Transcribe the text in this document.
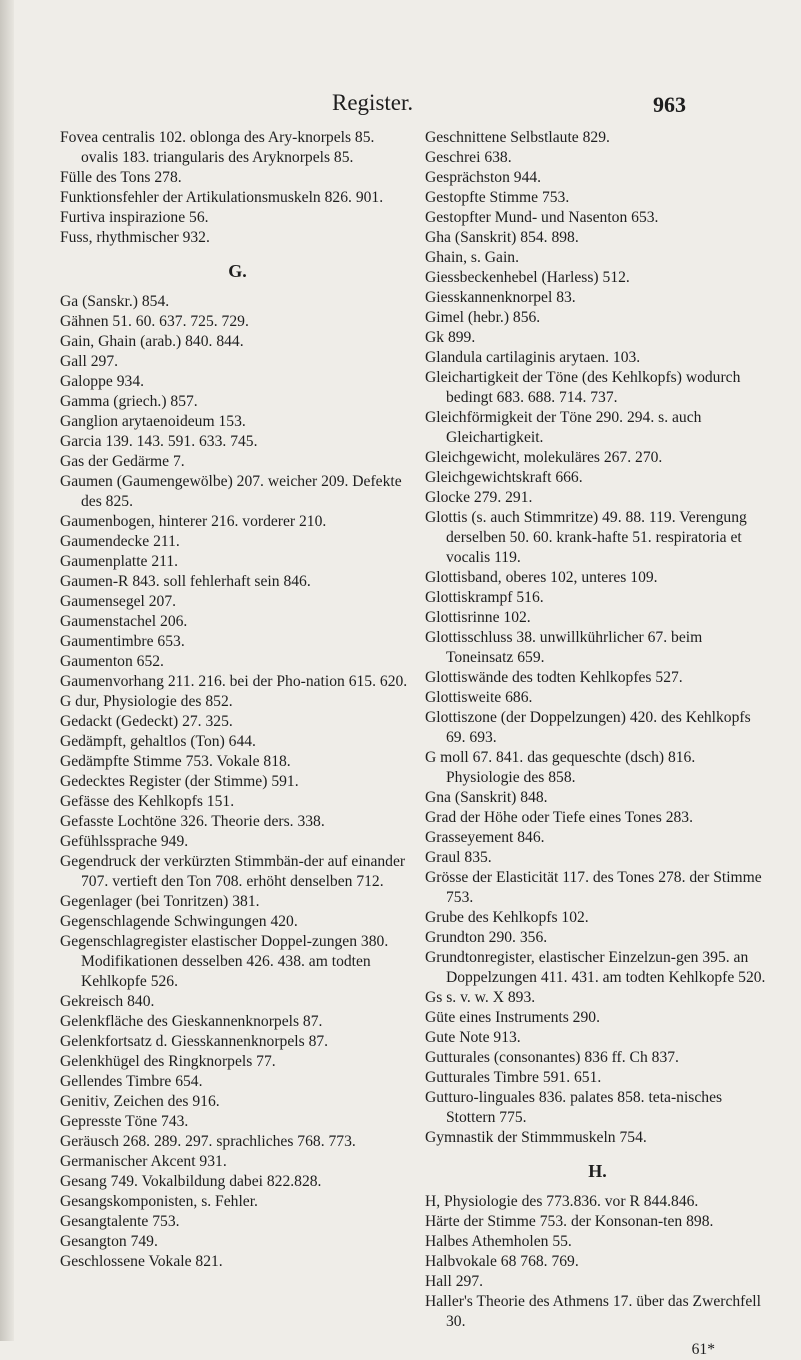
Register.	963
Fovea centralis 102. oblonga des Ary-knorpels 85. ovalis 183. triangularis des Aryknorpels 85.
Fülle des Tons 278.
Funktionsfehler der Artikulationsmuskeln 826. 901.
Furtiva inspirazione 56.
Fuss, rhythmischer 932.
G.
Ga (Sanskr.) 854.
Gähnen 51. 60. 637. 725. 729.
Gain, Ghain (arab.) 840. 844.
Gall 297.
Galoppe 934.
Gamma (griech.) 857.
Ganglion arytaenoideum 153.
Garcia 139. 143. 591. 633. 745.
Gas der Gedärme 7.
Gaumen (Gaumengewölbe) 207. weicher 209. Defekte des 825.
Gaumenbogen, hinterer 216. vorderer 210.
Gaumendecke 211.
Gaumenplatte 211.
Gaumen-R 843. soll fehlerhaft sein 846.
Gaumensegel 207.
Gaumenstachel 206.
Gaumentimbre 653.
Gaumenton 652.
Gaumenvorhang 211. 216. bei der Pho-nation 615. 620.
G dur, Physiologie des 852.
Gedackt (Gedeckt) 27. 325.
Gedämpft, gehaltlos (Ton) 644.
Gedämpfte Stimme 753. Vokale 818.
Gedecktes Register (der Stimme) 591.
Gefässe des Kehlkopfs 151.
Gefasste Lochtöne 326. Theorie ders. 338.
Gefühlssprache 949.
Gegendruck der verkürzten Stimmbän-der auf einander 707. vertieft den Ton 708. erhöht denselben 712.
Gegenlager (bei Tonritzen) 381.
Gegenschlagende Schwingungen 420.
Gegenschlagregister elastischer Doppel-zungen 380. Modifikationen desselben 426. 438. am todten Kehlkopfe 526.
Gekreisch 840.
Gelenkfläche des Gieskannenknorpels 87.
Gelenkfortsatz d. Giesskannenknorpels 87.
Gelenkhügel des Ringknorpels 77.
Gellendes Timbre 654.
Genitiv, Zeichen des 916.
Gepresste Töne 743.
Geräusch 268. 289. 297. sprachliches 768. 773.
Germanischer Akcent 931.
Gesang 749. Vokalbildung dabei 822.828.
Gesangskomponisten, s. Fehler.
Gesangtalente 753.
Gesangton 749.
Geschlossene Vokale 821.
Geschnittene Selbstlaute 829.
Geschrei 638.
Gesprächston 944.
Gestopfte Stimme 753.
Gestopfter Mund- und Nasenton 653.
Gha (Sanskrit) 854. 898.
Ghain, s. Gain.
Giessbeckenhebel (Harless) 512.
Giesskannenknorpel 83.
Gimel (hebr.) 856.
Gk 899.
Glandula cartilaginis arytaen. 103.
Gleichartigkeit der Töne (des Kehlkopfs) wodurch bedingt 683. 688. 714. 737.
Gleichförmigkeit der Töne 290. 294. s. auch Gleichartigkeit.
Gleichgewicht, molekuläres 267. 270.
Gleichgewichtskraft 666.
Glocke 279. 291.
Glottis (s. auch Stimmritze) 49. 88. 119. Verengung derselben 50. 60. krank-hafte 51. respiratoria et vocalis 119.
Glottisband, oberes 102, unteres 109.
Glottiskrampf 516.
Glottisrinne 102.
Glottisschluss 38. unwillkührlicher 67. beim Toneinsatz 659.
Glottiswände des todten Kehlkopfes 527.
Glottisweite 686.
Glottiszone (der Doppelzungen) 420. des Kehlkopfs 69. 693.
G moll 67. 841. das gequeschte (dsch) 816. Physiologie des 858.
Gna (Sanskrit) 848.
Grad der Höhe oder Tiefe eines Tones 283.
Grasseyement 846.
Graul 835.
Grösse der Elasticität 117. des Tones 278. der Stimme 753.
Grube des Kehlkopfs 102.
Grundton 290. 356.
Grundtonregister, elastischer Einzelzun-gen 395. an Doppelzungen 411. 431. am todten Kehlkopfe 520.
Gs s. v. w. X 893.
Güte eines Instruments 290.
Gute Note 913.
Gutturales (consonantes) 836 ff. Ch 837.
Gutturales Timbre 591. 651.
Gutturo-linguales 836. palates 858. teta-nisches Stottern 775.
Gymnastik der Stimmmuskeln 754.
H.
H, Physiologie des 773.836. vor R 844.846.
Härte der Stimme 753. der Konsonan-ten 898.
Halbes Athemholen 55.
Halbvokale 68 768. 769.
Hall 297.
Haller's Theorie des Athmens 17. über das Zwerchfell 30.
61*
